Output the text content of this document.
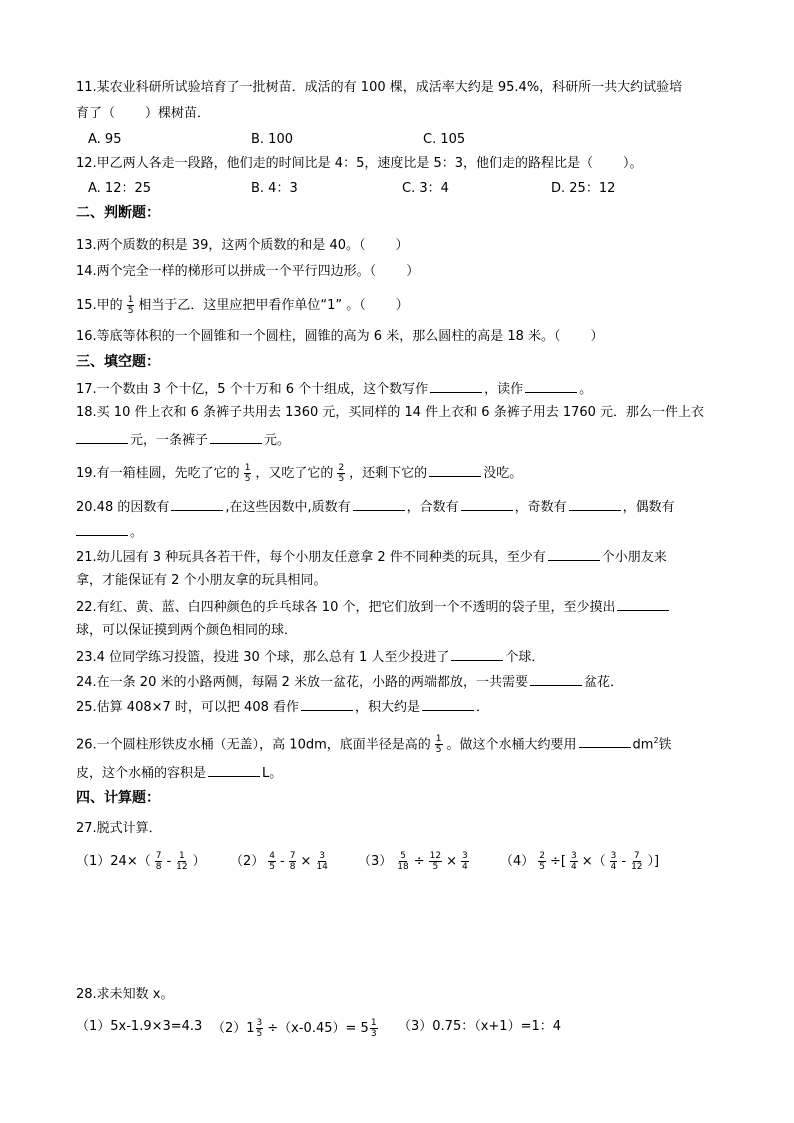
11.某农业科研所试验培育了一批树苗．成活的有 100 棵，成活率大约是 95.4%，科研所一共大约试验培
育了（ ）棵树苗．
A. 95	B. 100	C. 105
12.甲乙两人各走一段路，他们走的时间比是 4：5，速度比是 5：3，他们走的路程比是（ ）。
A. 12：25	B. 4：3	C. 3：4	D. 25：12
二、判断题：
13.两个质数的积是 39，这两个质数的和是 40。（ ）
14.两个完全一样的梯形可以拼成一个平行四边形。（ ）
15.甲的 $\frac{1}{5}$ 相当于乙．这里应把甲看作单位“1” 。（ ）
16.等底等体积的一个圆锥和一个圆柱，圆锥的高为 6 米，那么圆柱的高是 18 米。（ ）
三、填空题：
17.一个数由 3 个十亿，5 个十万和 6 个十组成，这个数写作	，读作	。
18.买 10 件上衣和 6 条裤子共用去 1360 元，买同样的 14 件上衣和 6 条裤子用去 1760 元．那么一件上衣
元，一条裤子	元。
19.有一箱桂圆，先吃了它的 $\frac{1}{5}$ ，又吃了它的 $\frac{2}{5}$ ，还剩下它的	没吃。
20.48 的因数有	,在这些因数中,质数有	，合数有	，奇数有	，偶数有
。
21.幼儿园有 3 种玩具各若干件，每个小朋友任意拿 2 件不同种类的玩具，至少有	个小朋友来
拿，才能保证有 2 个小朋友拿的玩具相同。
22.有红、黄、蓝、白四种颜色的乒乓球各 10 个，把它们放到一个不透明的袋子里，至少摸出
球，可以保证摸到两个颜色相同的球．
23.4 位同学练习投篮，投进 30 个球，那么总有 1 人至少投进了	个球．
24.在一条 20 米的小路两侧，每隔 2 米放一盆花，小路的两端都放，一共需要	盆花．
25.估算 408×7 时，可以把 408 看作	，积大约是	．
26.一个圆柱形铁皮水桶（无盖），高 10dm，底面半径是高的 $\frac{1}{5}$ 。做这个水桶大约要用	$dm^2$铁
皮，这个水桶的容积是	L。
四、计算题：
27.脱式计算．
$(1)24\times( \frac{7}{8} - \frac{1}{12}$ ） $(2) \frac{4}{5} - \frac{7}{8} \times \frac{3}{14} (3) \frac{5}{18} \div \frac{12}{5} \times \frac{3}{4} (4) \frac{2}{5}$ ÷[ $\frac{3}{4}$ ×（ $\frac{3}{4} - \frac{7}{12}$ ）]
28.求未知数 x。
（1）5x-1.9×3=4.3 $(2)1 \frac{3}{5} \div(x-0.45)= 5 \frac{1}{3} (3)0.75$：（x+1）=1：4
